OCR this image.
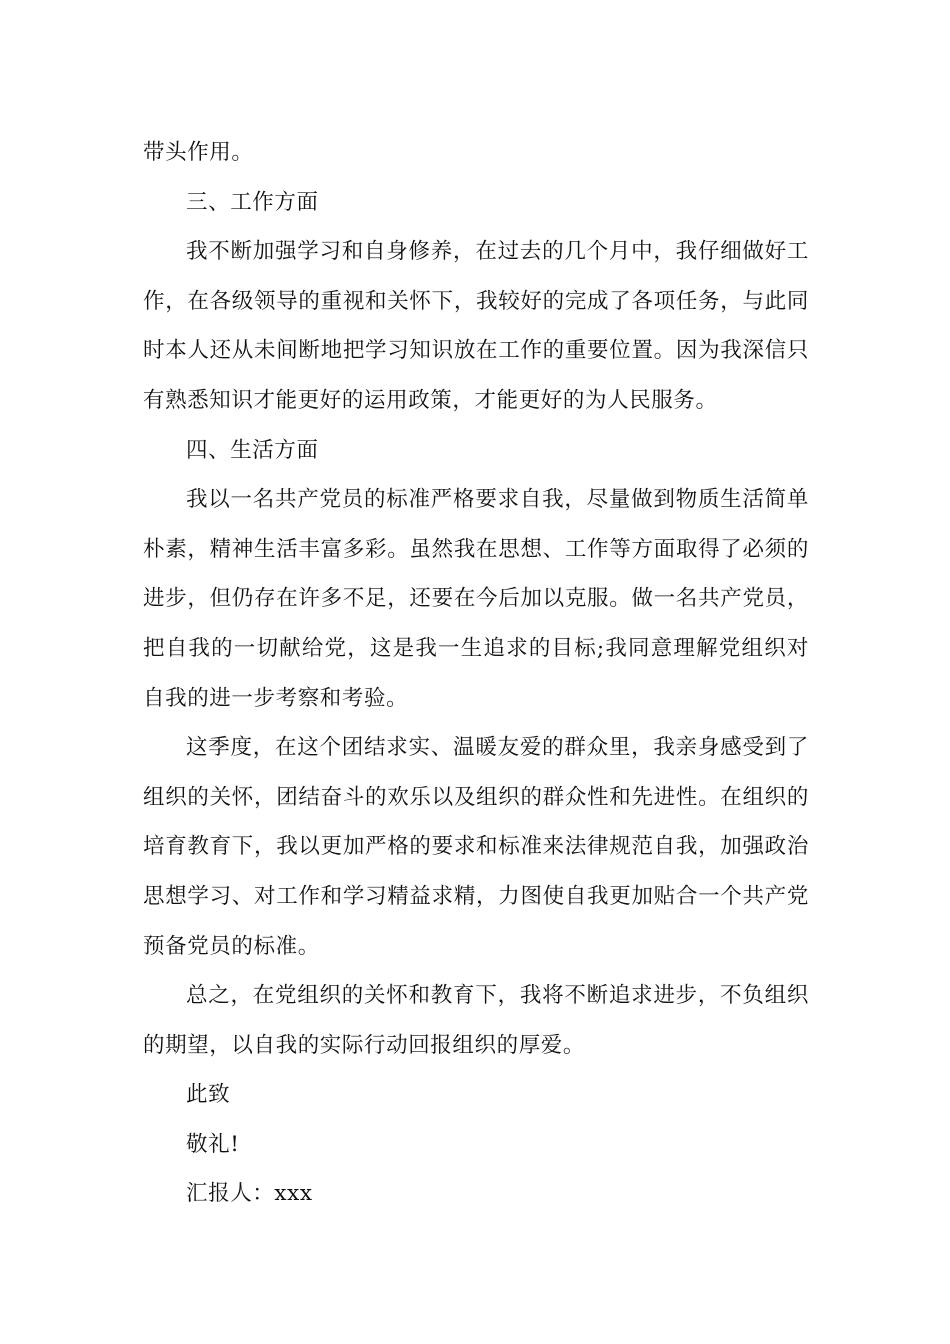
带头作用。

三、工作方面

我不断加强学习和自身修养，在过去的几个月中，我仔细做好工作，在各级领导的重视和关怀下，我较好的完成了各项任务，与此同时本人还从未间断地把学习知识放在工作的重要位置。因为我深信只有熟悉知识才能更好的运用政策，才能更好的为人民服务。

四、生活方面

我以一名共产党员的标准严格要求自我，尽量做到物质生活简单朴素，精神生活丰富多彩。虽然我在思想、工作等方面取得了必须的进步，但仍存在许多不足，还要在今后加以克服。做一名共产党员，把自我的一切献给党，这是我一生追求的目标;我同意理解党组织对自我的进一步考察和考验。

这季度，在这个团结求实、温暖友爱的群众里，我亲身感受到了组织的关怀，团结奋斗的欢乐以及组织的群众性和先进性。在组织的培育教育下，我以更加严格的要求和标准来法律规范自我，加强政治思想学习、对工作和学习精益求精，力图使自我更加贴合一个共产党预备党员的标准。

总之，在党组织的关怀和教育下，我将不断追求进步，不负组织的期望，以自我的实际行动回报组织的厚爱。

此致

敬礼!

汇报人：xxx
